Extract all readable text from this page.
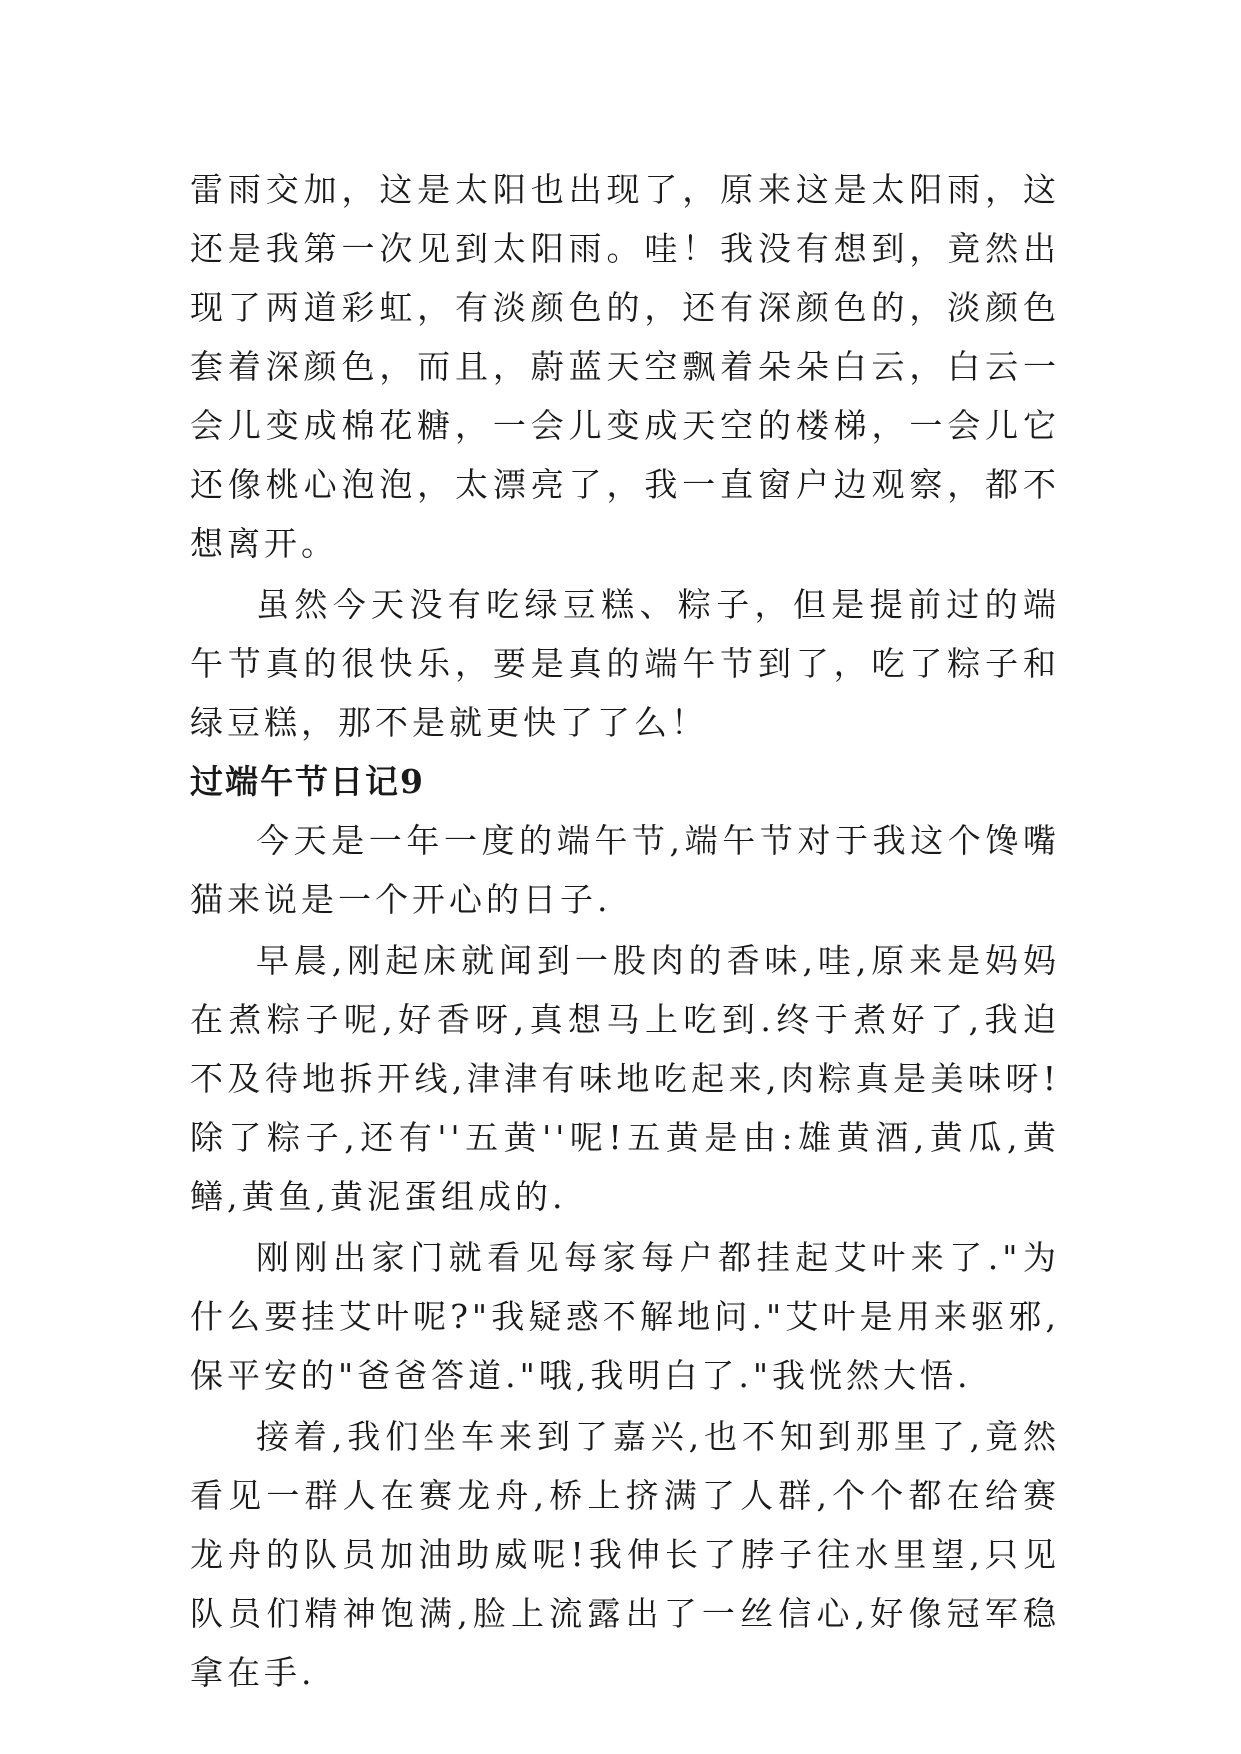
雷雨交加，这是太阳也出现了，原来这是太阳雨，这还是我第一次见到太阳雨。哇！我没有想到，竟然出现了两道彩虹，有淡颜色的，还有深颜色的，淡颜色套着深颜色，而且，蔚蓝天空飘着朵朵白云，白云一会儿变成棉花糖，一会儿变成天空的楼梯，一会儿它还像桃心泡泡，太漂亮了，我一直窗户边观察，都不想离开。

虽然今天没有吃绿豆糕、粽子，但是提前过的端午节真的很快乐，要是真的端午节到了，吃了粽子和绿豆糕，那不是就更快了了么！

过端午节日记9

今天是一年一度的端午节,端午节对于我这个馋嘴猫来说是一个开心的日子.

早晨,刚起床就闻到一股肉的香味,哇,原来是妈妈在煮粽子呢,好香呀,真想马上吃到.终于煮好了,我迫不及待地拆开线,津津有味地吃起来,肉粽真是美味呀!除了粽子,还有''五黄''呢!五黄是由:雄黄酒,黄瓜,黄鳝,黄鱼,黄泥蛋组成的.

刚刚出家门就看见每家每户都挂起艾叶来了."为什么要挂艾叶呢?"我疑惑不解地问."艾叶是用来驱邪,保平安的"爸爸答道."哦,我明白了."我恍然大悟.

接着,我们坐车来到了嘉兴,也不知到那里了,竟然看见一群人在赛龙舟,桥上挤满了人群,个个都在给赛龙舟的队员加油助威呢!我伸长了脖子往水里望,只见队员们精神饱满,脸上流露出了一丝信心,好像冠军稳拿在手.
